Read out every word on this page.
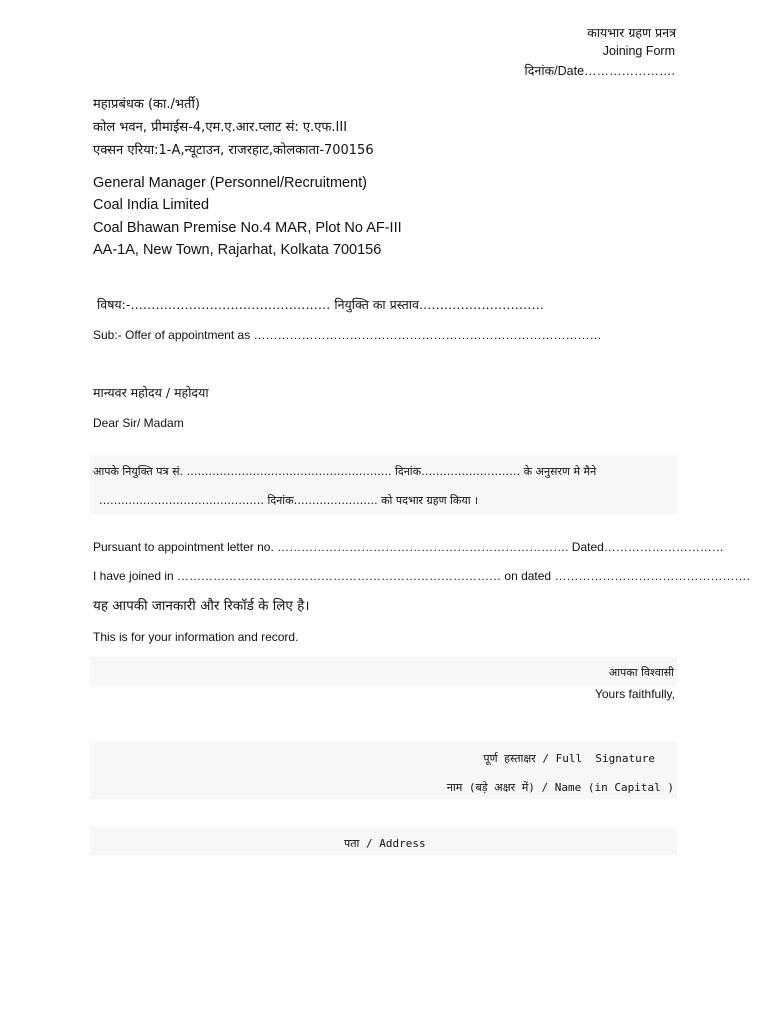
कायभार ग्रहण प्रनत्र
Joining Form
दिनांक/Date………………….
महाप्रबंधक (का./भर्ती)
कोल भवन, प्रीमाईस-4,एम.ए.आर.प्लाट सं: ए.एफ.III
एक्सन एरिया:1-A,न्यूटाउन, राजरहाट,कोलकाता-700156
General Manager (Personnel/Recruitment)
Coal India Limited
Coal Bhawan Premise No.4 MAR, Plot No AF-III
AA-1A, New Town, Rajarhat, Kolkata 700156
विषय:-………………………………………… नियुक्ति का प्रस्ताव…………………………
Sub:- Offer of appointment as ……………………………………………………………………………
मान्यवर महोदय / महोदया
Dear Sir/ Madam
आपके नियुक्ति पत्र सं. ……………………………………………….. दिनांक……………………… के अनुसरण मे मैने
……………………………………… दिनांक………………….. को पदभार ग्रहण किया ।
Pursuant to appointment letter no. ………………………………………………………………. Dated…………………………
I have joined in ……………………………………………………………………… on dated ………………………………………….
यह आपकी जानकारी और रिकॉर्ड के लिए है।
This is for your information and record.
आपका विश्वासी
Yours faithfully,
पूर्ण हस्ताक्षर / Full  Signature
नाम (बड़े अक्षर में) / Name (in Capital )
पता / Address
